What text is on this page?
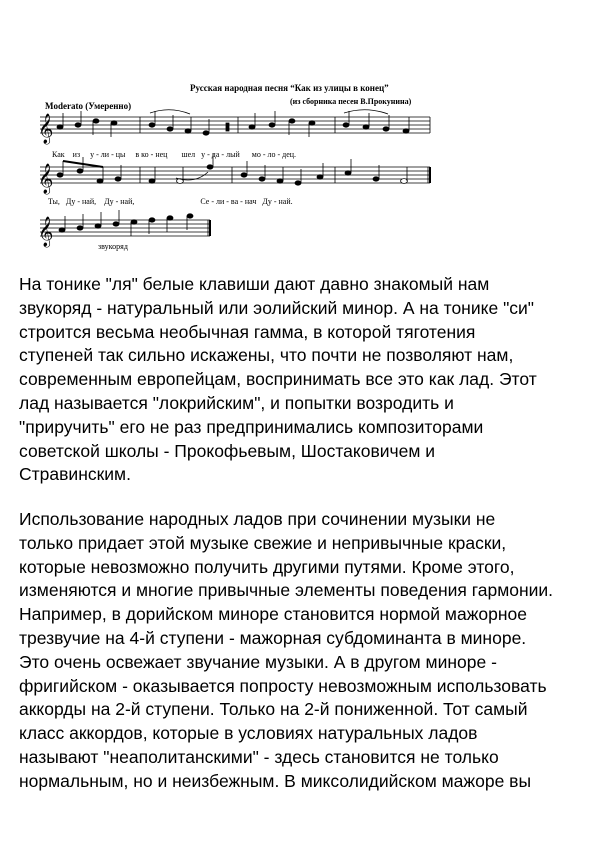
Русская народная песня “Как из улицы в конец”
(из сборника песен В.Прокунина)
Moderato (Умеренно)
𝄞
𝄞
𝄞
Как из у - ли - цы в ко - нец шел у - да - лый мо - ло - дец.
Ты, Ду - най, Ду - най,	Се - ли - ва - нач Ду - най.
звукоряд
На тонике "ля" белые клавиши дают давно знакомый нам
звукоряд - натуральный или эолийский минор. А на тонике "си"
строится весьма необычная гамма, в которой тяготения
ступеней так сильно искажены, что почти не позволяют нам,
современным европейцам, воспринимать все это как лад. Этот
лад называется "локрийским", и попытки возродить и
"приручить" его не раз предпринимались композиторами
советской школы - Прокофьевым, Шостаковичем и
Стравинским.
Использование народных ладов при сочинении музыки не
только придает этой музыке свежие и непривычные краски,
которые невозможно получить другими путями. Кроме этого,
изменяются и многие привычные элементы поведения гармонии.
Например, в дорийском миноре становится нормой мажорное
трезвучие на 4-й ступени - мажорная субдоминанта в миноре.
Это очень освежает звучание музыки. А в другом миноре -
фригийском - оказывается попросту невозможным использовать
аккорды на 2-й ступени. Только на 2-й пониженной. Тот самый
класс аккордов, которые в условиях натуральных ладов
называют "неаполитанскими" - здесь становится не только
нормальным, но и неизбежным. В миксолидийском мажоре вы
